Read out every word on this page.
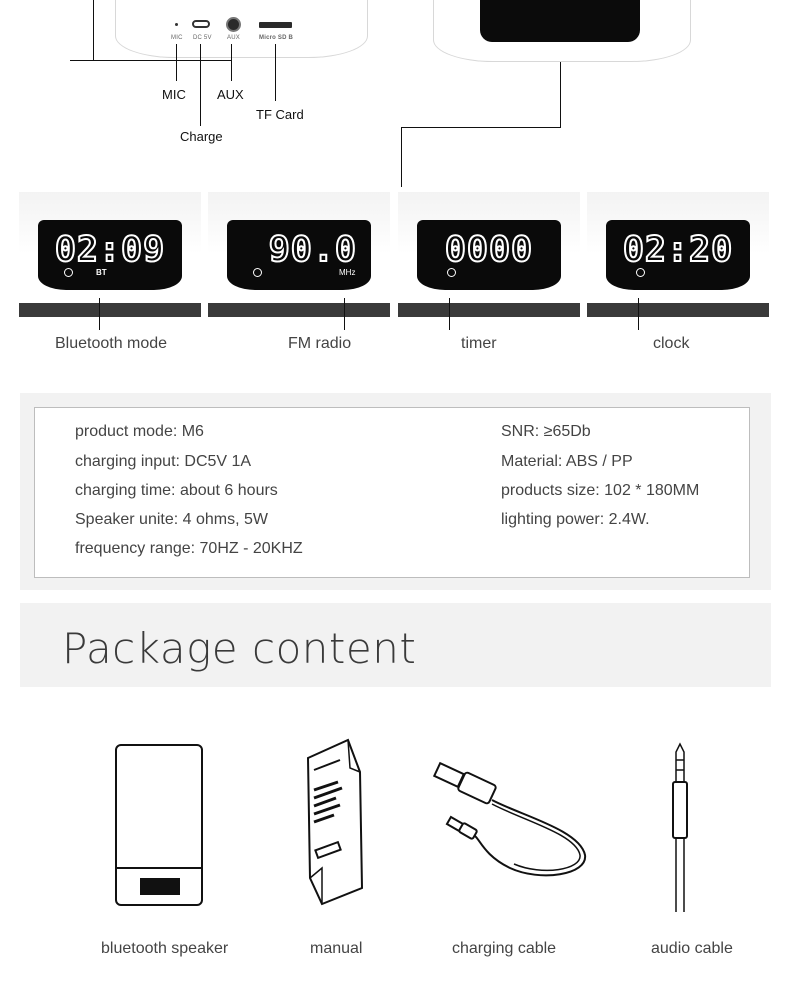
MIC DC 5V	AUX	Micro SD B
MIC AUX
Charge
TF Card
02:09
BT
90.0
MHz
0000	02:20
Bluetooth mode	FM radio	timer	clock
product mode: M6
charging input: DC5V 1A
charging time: about 6 hours
Speaker unite: 4 ohms, 5W
frequency range: 70HZ - 20KHZ
SNR: ≥65Db
Material: ABS / PP
products size: 102 * 180MM
lighting power: 2.4W.
Package content
bluetooth speaker	manual	charging cable	audio cable
